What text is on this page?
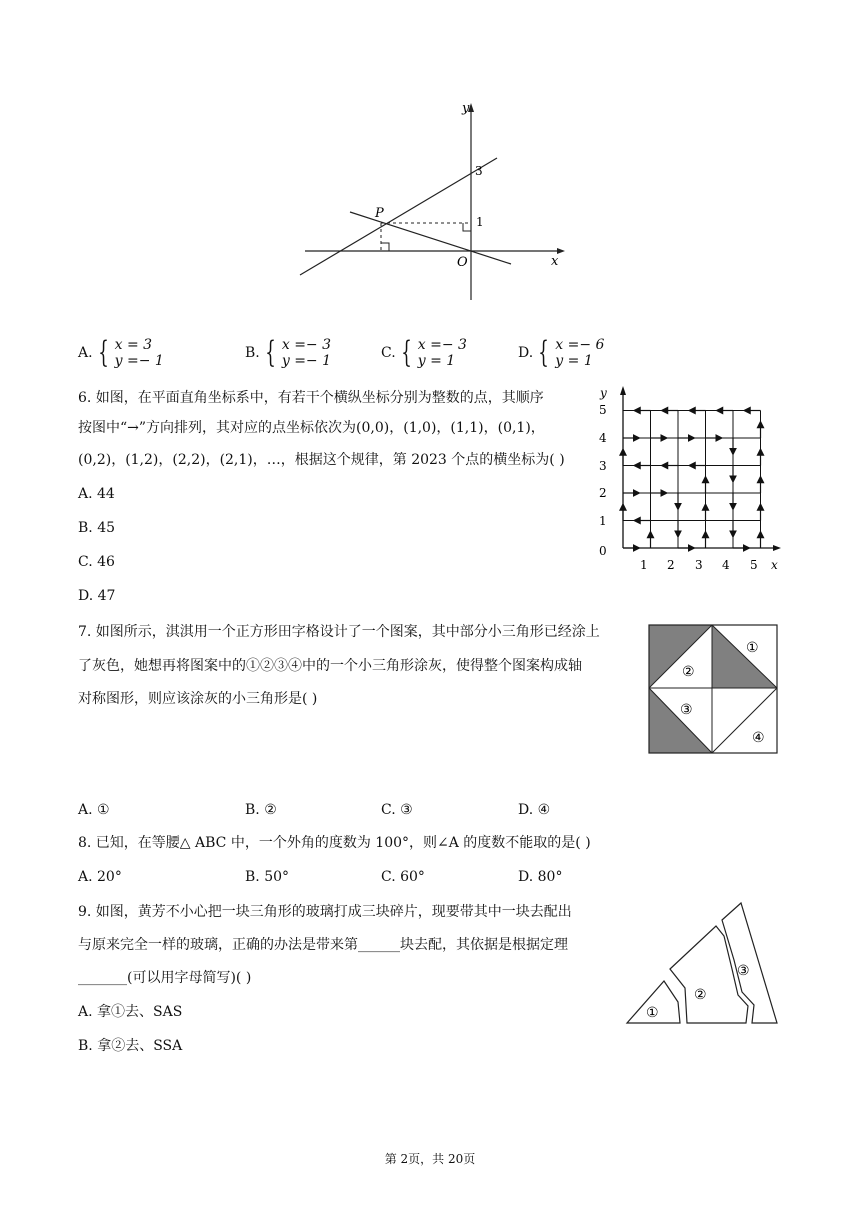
y
x
3
1
P
O
A. { x = 3
y =− 1	B. { x =− 3
y =− 1	C. { x =− 3
y = 1	D. { x =− 6
y = 1
6. 如图，在平面直角坐标系中，有若干个横纵坐标分别为整数的点，其顺序
按图中“→”方向排列，其对应的点坐标依次为(0,0)，(1,0)，(1,1)，(0,1)，
(0,2)，(1,2)，(2,2)，(2,1)，…，根据这个规律，第 2023 个点的横坐标为( )
A. 44
B. 45
C. 46
D. 47
y
x
1 2 3 4 5
0
1
2
3
4
5
7. 如图所示，淇淇用一个正方形田字格设计了一个图案，其中部分小三角形已经涂上
了灰色，她想再将图案中的①②③④中的一个小三角形涂灰，使得整个图案构成轴
对称图形，则应该涂灰的小三角形是( )
①
②
③
④
A. ①	B. ②	C. ③	D. ④
8. 已知，在等腰△ ABC 中，一个外角的度数为 100°，则∠A 的度数不能取的是( )
A. 20°	B. 50°	C. 60°	D. 80°
9. 如图，黄芳不小心把一块三角形的玻璃打成三块碎片，现要带其中一块去配出
与原来完全一样的玻璃，正确的办法是带来第______块去配，其依据是根据定理
_______(可以用字母简写)( )
A. 拿①去、SAS
B. 拿②去、SSA
①
②
③
第 2页，共 20页
